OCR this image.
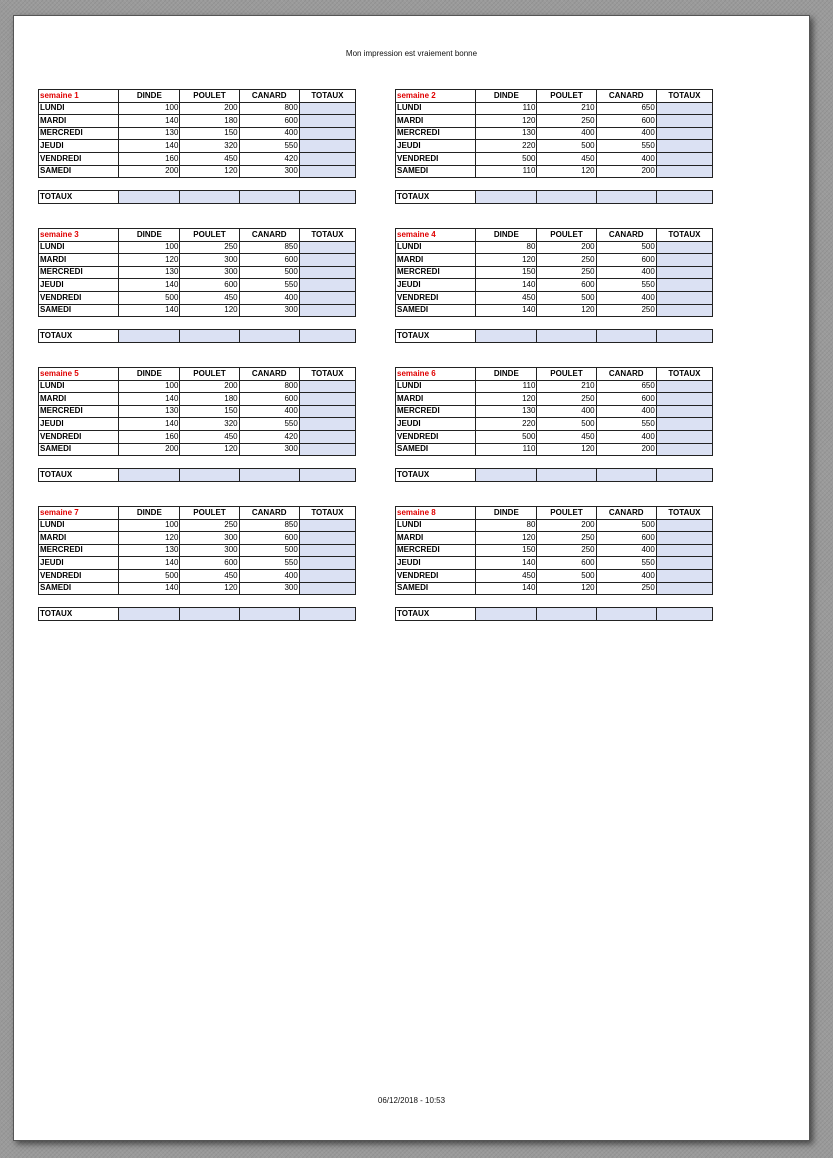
Mon impression est vraiement bonne
semaine 1	DINDE	POULET	CANARD	TOTAUX
LUNDI	100	200	800	
MARDI	140	180	600	
MERCREDI	130	150	400	
JEUDI	140	320	550	
VENDREDI	160	450	420	
SAMEDI	200	120	300	
TOTAUX				
semaine 2	DINDE	POULET	CANARD	TOTAUX
LUNDI	110	210	650	
MARDI	120	250	600	
MERCREDI	130	400	400	
JEUDI	220	500	550	
VENDREDI	500	450	400	
SAMEDI	110	120	200	
TOTAUX				
semaine 3	DINDE	POULET	CANARD	TOTAUX
LUNDI	100	250	850	
MARDI	120	300	600	
MERCREDI	130	300	500	
JEUDI	140	600	550	
VENDREDI	500	450	400	
SAMEDI	140	120	300	
TOTAUX				
semaine 4	DINDE	POULET	CANARD	TOTAUX
LUNDI	80	200	500	
MARDI	120	250	600	
MERCREDI	150	250	400	
JEUDI	140	600	550	
VENDREDI	450	500	400	
SAMEDI	140	120	250	
TOTAUX				
semaine 5	DINDE	POULET	CANARD	TOTAUX
LUNDI	100	200	800	
MARDI	140	180	600	
MERCREDI	130	150	400	
JEUDI	140	320	550	
VENDREDI	160	450	420	
SAMEDI	200	120	300	
TOTAUX				
semaine 6	DINDE	POULET	CANARD	TOTAUX
LUNDI	110	210	650	
MARDI	120	250	600	
MERCREDI	130	400	400	
JEUDI	220	500	550	
VENDREDI	500	450	400	
SAMEDI	110	120	200	
TOTAUX				
semaine 7	DINDE	POULET	CANARD	TOTAUX
LUNDI	100	250	850	
MARDI	120	300	600	
MERCREDI	130	300	500	
JEUDI	140	600	550	
VENDREDI	500	450	400	
SAMEDI	140	120	300	
TOTAUX				
semaine 8	DINDE	POULET	CANARD	TOTAUX
LUNDI	80	200	500	
MARDI	120	250	600	
MERCREDI	150	250	400	
JEUDI	140	600	550	
VENDREDI	450	500	400	
SAMEDI	140	120	250	
TOTAUX				
06/12/2018 - 10:53
